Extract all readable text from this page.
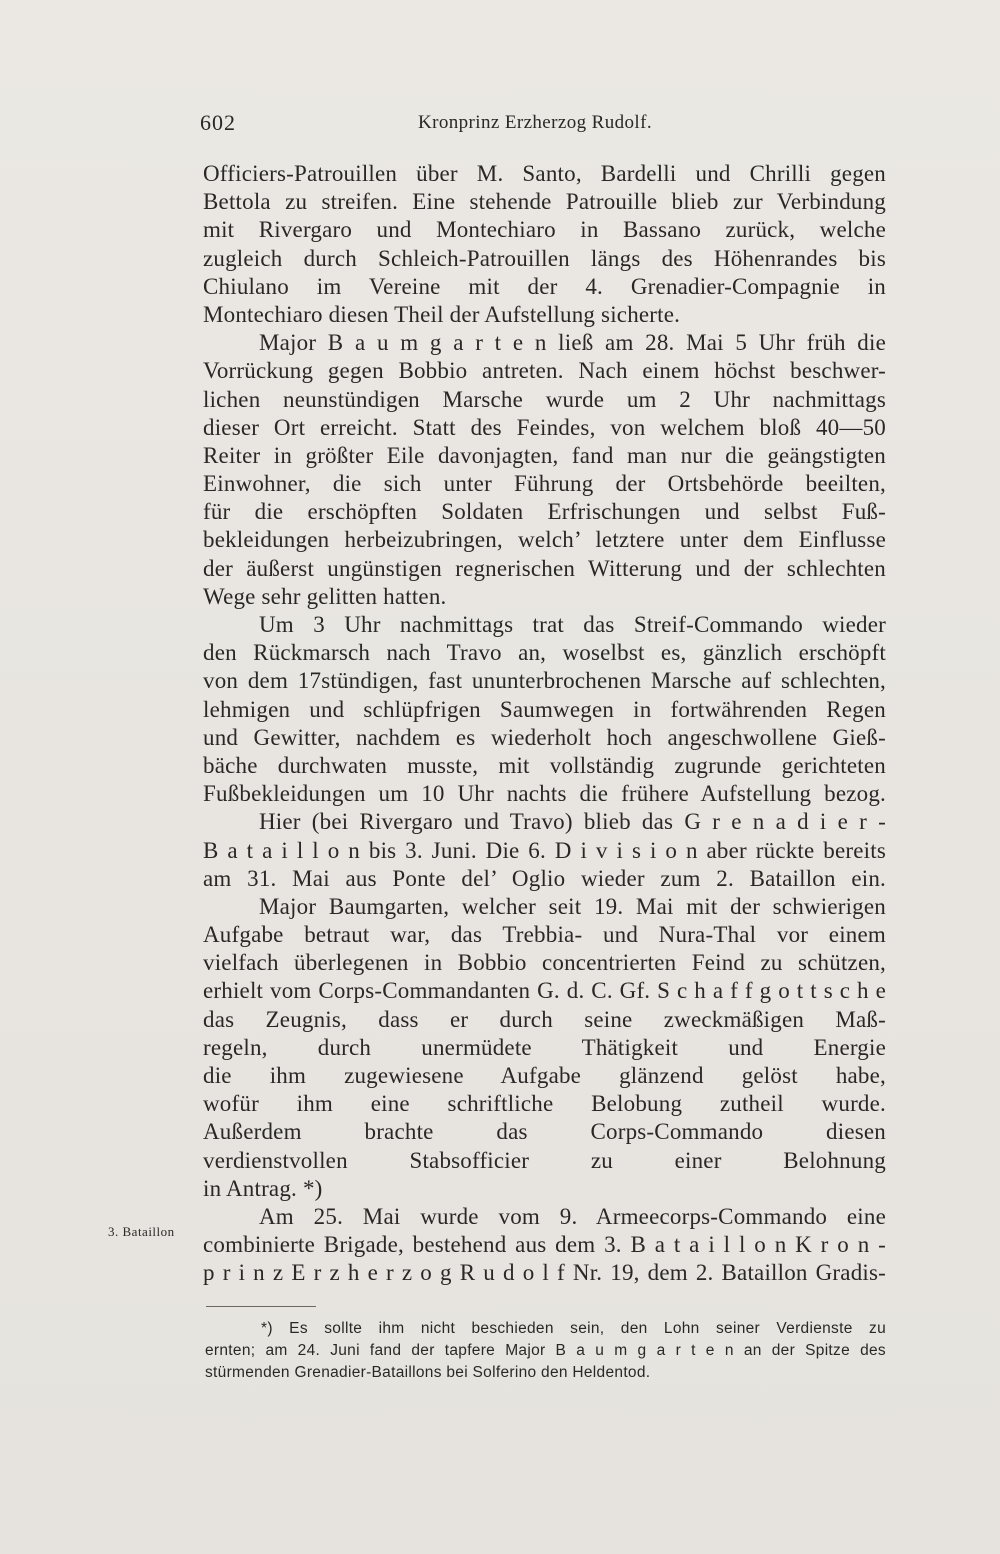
602	Kronprinz Erzherzog Rudolf.
Officiers-Patrouillen über M. Santo, Bardelli und Chrilli gegen
Bettola zu streifen. Eine stehende Patrouille blieb zur Verbindung
mit Rivergaro und Montechiaro in Bassano zurück, welche
zugleich durch Schleich-Patrouillen längs des Höhenrandes bis
Chiulano im Vereine mit der 4. Grenadier-Compagnie in
Montechiaro diesen Theil der Aufstellung sicherte.
Major B a u m g a r t e n ließ am 28. Mai 5 Uhr früh die
Vorrückung gegen Bobbio antreten. Nach einem höchst beschwer-
lichen neunstündigen Marsche wurde um 2 Uhr nachmittags
dieser Ort erreicht. Statt des Feindes, von welchem bloß 40—50
Reiter in größter Eile davonjagten, fand man nur die geängstigten
Einwohner, die sich unter Führung der Ortsbehörde beeilten,
für die erschöpften Soldaten Erfrischungen und selbst Fuß-
bekleidungen herbeizubringen, welch’ letztere unter dem Einflusse
der äußerst ungünstigen regnerischen Witterung und der schlechten
Wege sehr gelitten hatten.
Um 3 Uhr nachmittags trat das Streif-Commando wieder
den Rückmarsch nach Travo an, woselbst es, gänzlich erschöpft
von dem 17stündigen, fast ununterbrochenen Marsche auf schlechten,
lehmigen und schlüpfrigen Saumwegen in fortwährenden Regen
und Gewitter, nachdem es wiederholt hoch angeschwollene Gieß-
bäche durchwaten musste, mit vollständig zugrunde gerichteten
Fußbekleidungen um 10 Uhr nachts die frühere Aufstellung bezog.
Hier (bei Rivergaro und Travo) blieb das G r e n a d i e r -
B a t a i l l o n bis 3. Juni. Die 6. D i v i s i o n aber rückte bereits
am 31. Mai aus Ponte del’ Oglio wieder zum 2. Bataillon ein.
Major Baumgarten, welcher seit 19. Mai mit der schwierigen
Aufgabe betraut war, das Trebbia- und Nura-Thal vor einem
vielfach überlegenen in Bobbio concentrierten Feind zu schützen,
erhielt vom Corps-Commandanten G. d. C. Gf. S c h a f f g o t t s c h e
das Zeugnis, dass er durch seine zweckmäßigen Maß-
regeln, durch unermüdete Thätigkeit und Energie
die ihm zugewiesene Aufgabe glänzend gelöst habe,
wofür ihm eine schriftliche Belobung zutheil wurde.
Außerdem brachte das Corps-Commando diesen
verdienstvollen Stabsofficier zu einer Belohnung
in Antrag. *)
Am 25. Mai wurde vom 9. Armeecorps-Commando eine
combinierte Brigade, bestehend aus dem 3. B a t a i l l o n K r o n -
p r i n z E r z h e r z o g R u d o l f Nr. 19, dem 2. Bataillon Gradis-
3. Bataillon
*) Es sollte ihm nicht beschieden sein, den Lohn seiner Verdienste zu
ernten; am 24. Juni fand der tapfere Major B a u m g a r t e n an der Spitze des
stürmenden Grenadier-Bataillons bei Solferino den Heldentod.
